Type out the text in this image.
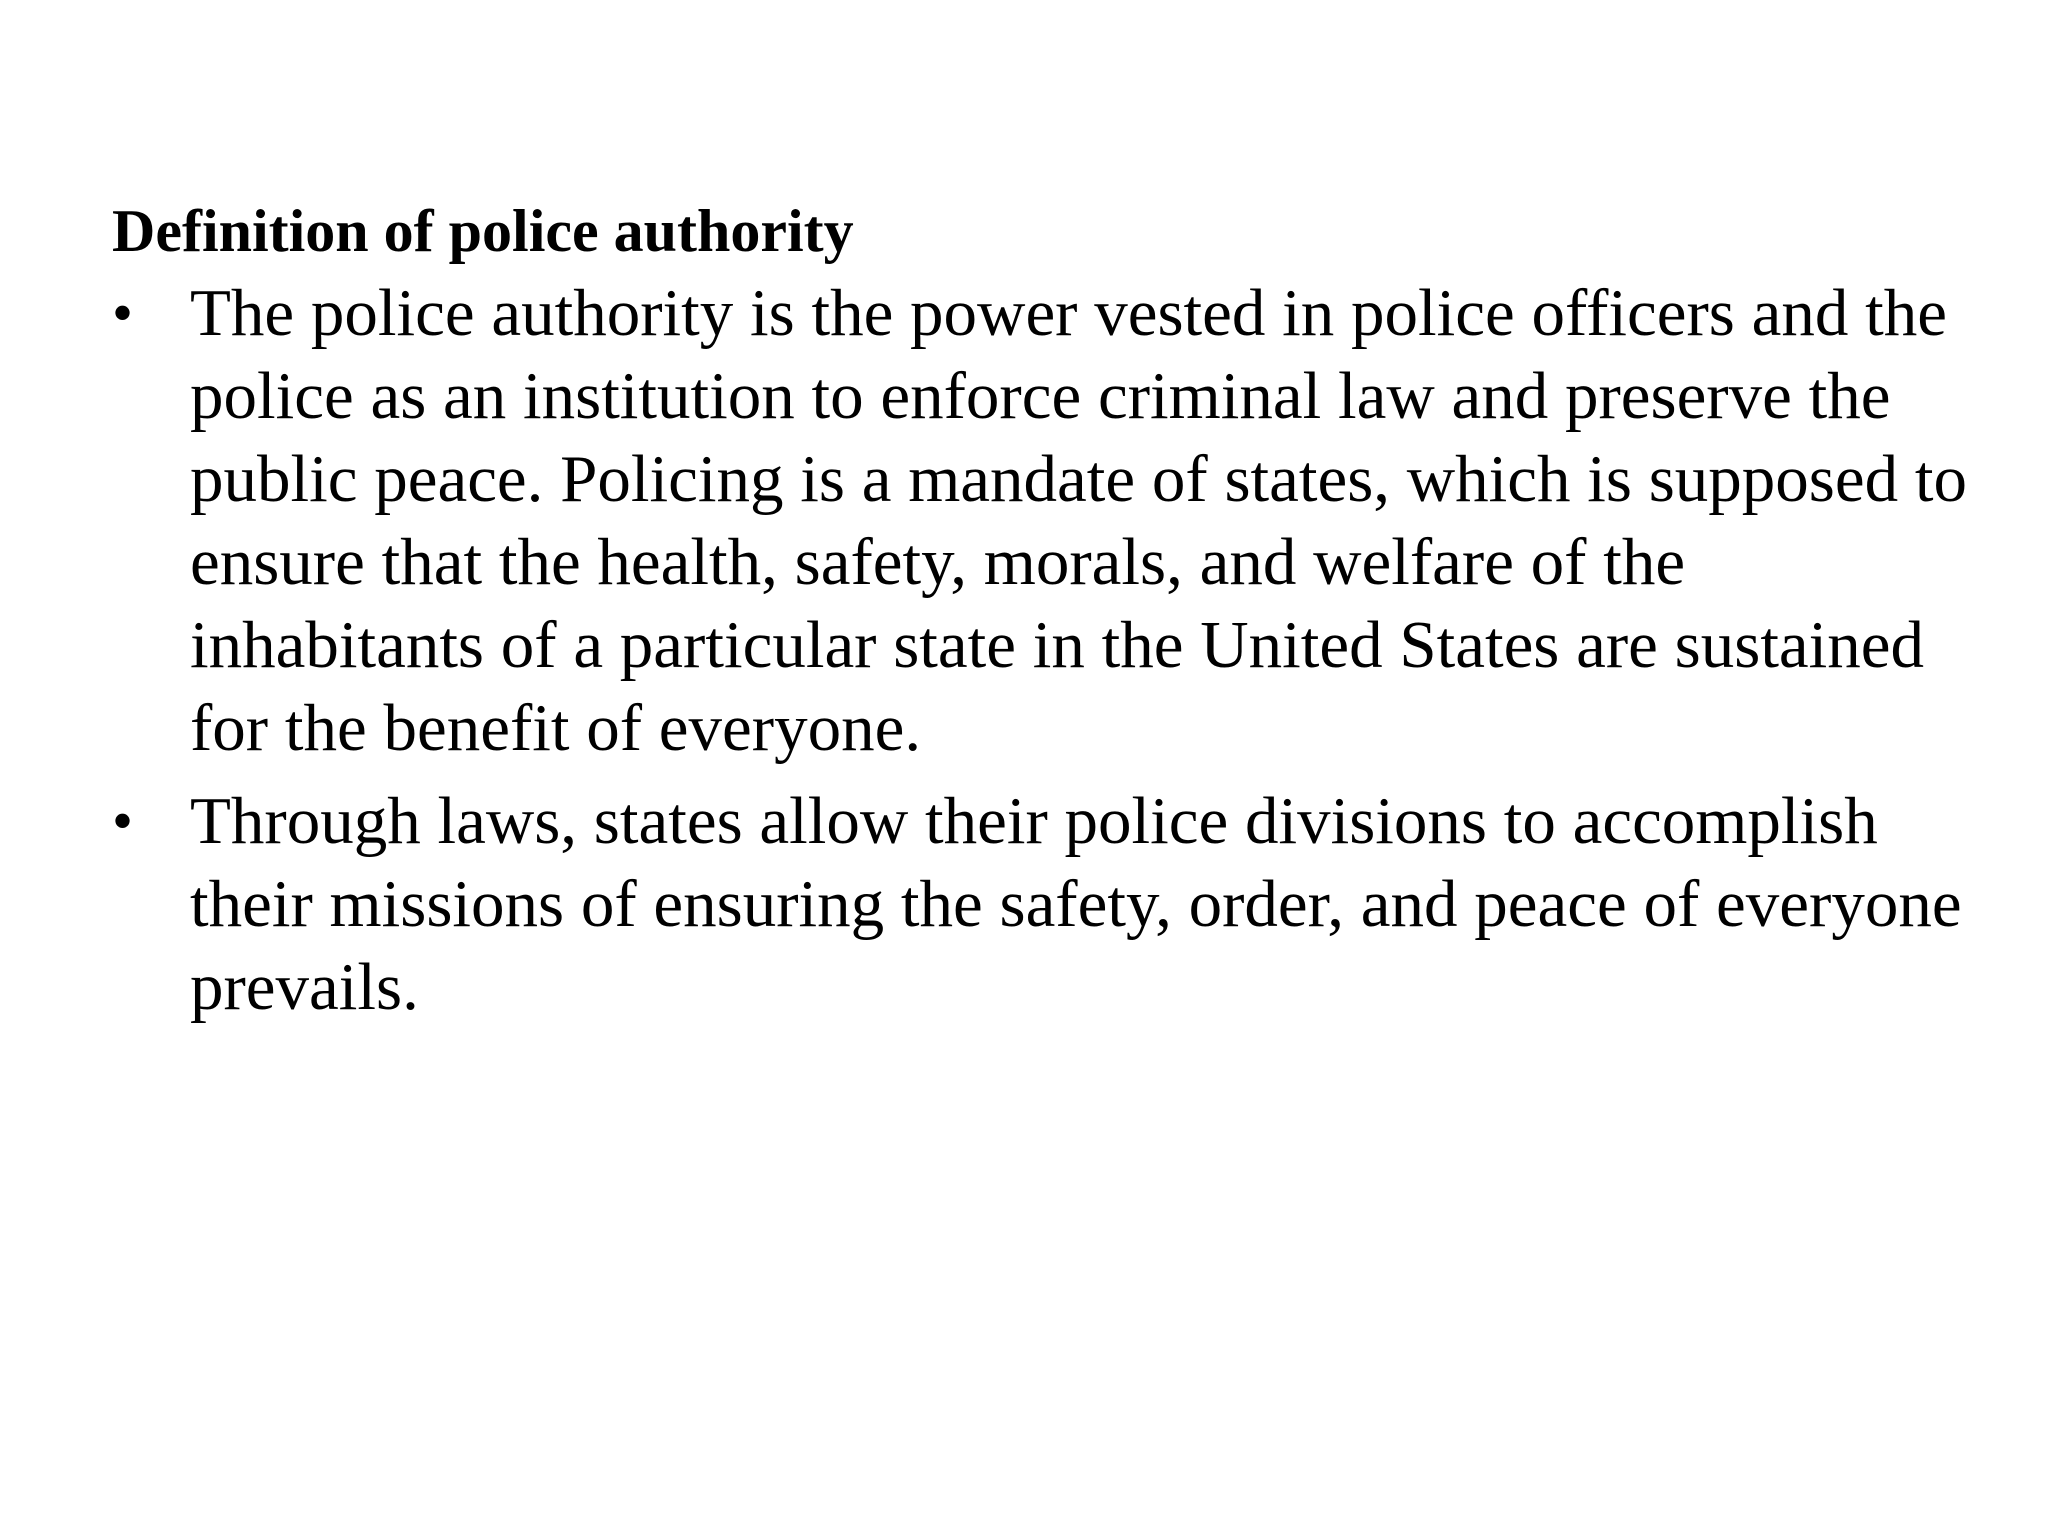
Definition of police authority
• The police authority is the power vested in police officers and the police as an institution to enforce criminal law and preserve the public peace. Policing is a mandate of states, which is supposed to ensure that the health, safety, morals, and welfare of the inhabitants of a particular state in the United States are sustained for the benefit of everyone.
• Through laws, states allow their police divisions to accomplish their missions of ensuring the safety, order, and peace of everyone prevails.
